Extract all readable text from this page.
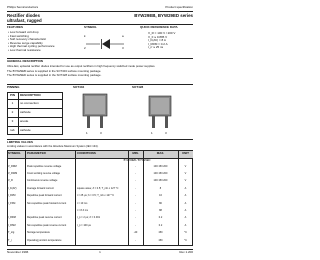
Philips Semiconductors	Product specification
Rectifier diodes
ultrafast, rugged
BYW29EB, BYW29ED series
FEATURES
• Low forward volt drop
• Fast switching
• Soft recovery characteristic
• Reverse surge capability
• High thermal cycling performance
• Low thermal resistance
SYMBOL
k	a
2	3
QUICK REFERENCE DATA
V_R = 100 V / 200 V
V_F ≤ 0.895 V
I_F(AV) = 8 A
I_RRM = 0.2 A
t_rr ≤ 25 ns
GENERAL DESCRIPTION
Ultra-fast, epitaxial rectifier diodes intended for use as output rectifiers in high frequency switched mode power supplies.
The BYW29EB series is supplied in the SOT404 surface mounting package.
The BYW29ED series is supplied in the SOT428 surface mounting package.
PINNING	SOT404	SOT428
PIN	DESCRIPTION
1	no connection
2	cathode
3	anode
tab	cathode
1	3	1	3
LIMITING VALUES
Limiting values in accordance with the Absolute Maximum System (IEC 134).
SYMBOL PARAMETER	CONDITIONS	MIN.	MAX.	UNIT
BYW29EB / BYW29ED
V_RRM	Peak repetitive reverse voltage	-	100 150 200	V
V_RWM	Crest working reverse voltage	-	100 150 200	V
V_R	Continuous reverse voltage	-	100 150 200	V
I_F(AV)	Average forward current	square wave; δ = 0.5; T_mb ≤ 127 °C	-	8	A
I_FRM	Repetitive peak forward current	t = 25 µs; δ = 0.5; T_mb ≤ 127 °C	-	16	A
I_FSM	Non-repetitive peak forward current	t = 10 ms	-	80	A
t = 8.3 ms	-	88	A
I_RRM	Repetitive peak reverse current	t_p = 2 µs; δ = 0.001	-	0.2	A
I_RSM	Non-repetitive peak reverse current	t_p = 100 µs	-	0.2	A
T_stg	Storage temperature	-40	150	°C
T_j	Operating junction temperature	-	150	°C
November 1996	1	Rev 1.200
